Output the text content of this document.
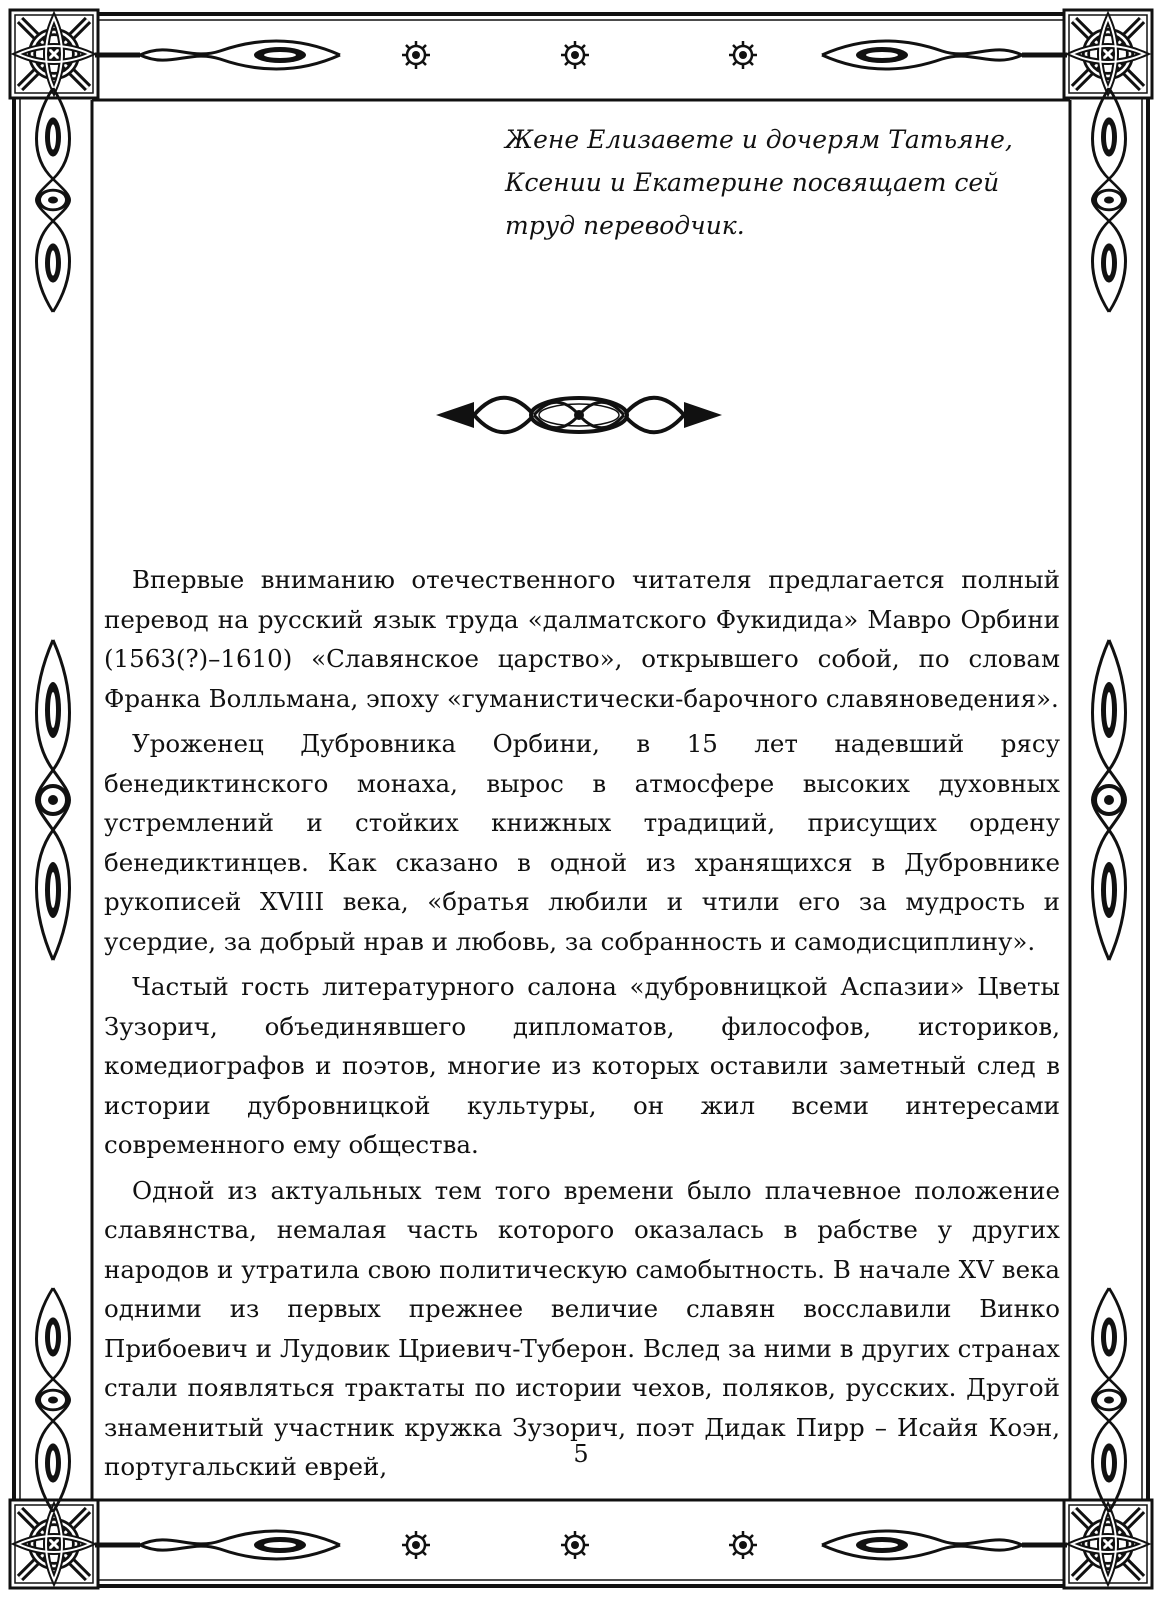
Жене Елизавете и дочерям Татьяне, Ксении и Екатерине посвящает сей труд переводчик.

Впервые вниманию отечественного читателя предлагается полный перевод на русский язык труда «далматского Фукидида» Мавро Орбини (1563(?)–1610) «Славянское царство», открывшего собой, по словам Франка Волльмана, эпоху «гуманистически-барочного славяноведения».

Уроженец Дубровника Орбини, в 15 лет надевший рясу бенедиктинского монаха, вырос в атмосфере высоких духовных устремлений и стойких книжных традиций, присущих ордену бенедиктинцев. Как сказано в одной из хранящихся в Дубровнике рукописей XVIII века, «братья любили и чтили его за мудрость и усердие, за добрый нрав и любовь, за собранность и самодисциплину».

Частый гость литературного салона «дубровницкой Аспазии» Цветы Зузорич, объединявшего дипломатов, философов, историков, комедиографов и поэтов, многие из которых оставили заметный след в истории дубровницкой культуры, он жил всеми интересами современного ему общества.

Одной из актуальных тем того времени было плачевное положение славянства, немалая часть которого оказалась в рабстве у других народов и утратила свою политическую самобытность. В начале XV века одними из первых прежнее величие славян восславили Винко Прибоевич и Лудовик Цриевич-Туберон. Вслед за ними в других странах стали появляться трактаты по истории чехов, поляков, русских. Другой знаменитый участник кружка Зузорич, поэт Дидак Пирр – Исайя Коэн, португальский еврей,	5
